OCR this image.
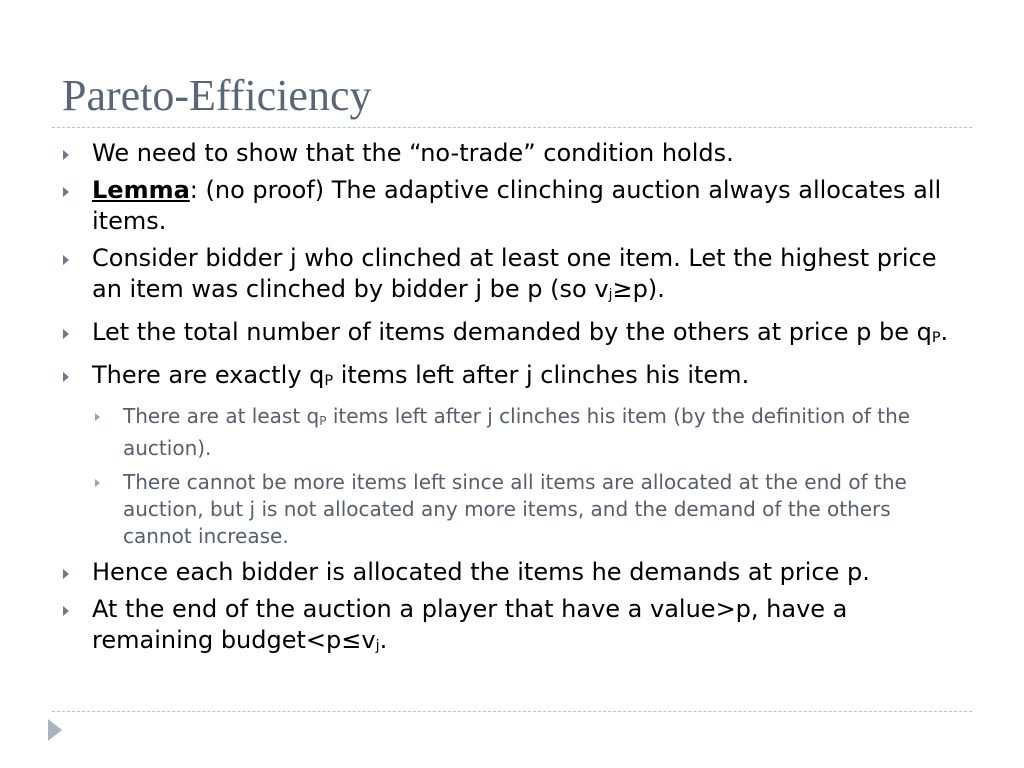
Pareto-Efficiency
We need to show that the “no-trade” condition holds.
Lemma: (no proof) The adaptive clinching auction always allocates all items.
Consider bidder j who clinched at least one item. Let the highest price an item was clinched by bidder j be p (so $v_j\ge p$).
Let the total number of items demanded by the others at price p be $q_P$.
There are exactly $q_P$ items left after j clinches his item.
There are at least $q_P$ items left after j clinches his item (by the definition of the auction).
There cannot be more items left since all items are allocated at the end of the auction, but j is not allocated any more items, and the demand of the others cannot increase.
Hence each bidder is allocated the items he demands at price p.
At the end of the auction a player that have a value>p, have a remaining $budget<p\le v_j$.
